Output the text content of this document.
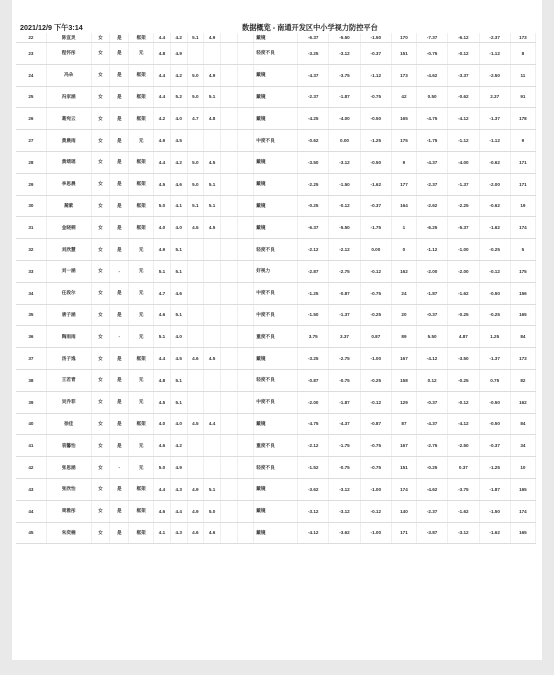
2021/12/9 下午3:14	数据概览 - 南通开发区中小学视力防控平台
22	陈宣灵	女	是	框架	4.4	4.2	5.1	4.9			戴镜	-6.37	-5.50	-1.50	170	-7.37	-6.12	-2.37	173
23	程怀彤	女	是	无	4.8	4.9					轻度不良	-3.25	-3.12	-0.37	151	-0.75	-0.12	-1.12	8
24	冯朵	女	是	框架	4.4	4.2	5.0	4.9			戴镜	-4.37	-3.75	-1.12	173	-4.62	-3.37	-2.50	11
25	冯家涵	女	是	框架	4.4	5.2	5.0	5.1			戴镜	-2.37	-1.87	-0.75	42	0.50	-0.62	2.37	91
26	葛宛云	女	是	框架	4.2	4.0	4.7	4.8			戴镜	-4.25	-4.00	-0.50	165	-4.75	-4.12	-1.37	178
27	黄晨雨	女	是	无	4.9	4.5					中度不良	-0.62	0.00	-1.25	175	-1.75	-1.12	-1.12	9
28	黄靖瑶	女	是	框架	4.4	4.2	5.0	4.5			戴镜	-3.50	-3.12	-0.50	9	-4.37	-4.00	-0.62	171
29	李思晨	女	是	框架	4.5	4.6	5.0	5.1			戴镜	-2.25	-1.50	-1.62	177	-2.37	-1.37	-2.00	171
30	蔺紫	女	是	框架	5.0	4.1	5.1	5.1			戴镜	-0.25	-0.12	-0.37	164	-2.62	-2.25	-0.62	19
31	金晓桐	女	是	框架	4.0	4.0	4.5	4.5			戴镜	-6.37	-5.50	-1.75	1	-6.25	-5.37	-1.62	174
32	刘欣慧	女	是	无	4.9	5.1					轻度不良	-2.12	-2.12	0.00	0	-1.12	-1.00	-0.25	5
33	刘一涵	女	-	无	5.1	5.1					好视力	-2.87	-2.75	-0.12	162	-2.00	-2.00	-0.12	175
34	任段尔	女	是	无	4.7	4.6					中度不良	-1.25	-0.87	-0.75	24	-1.87	-1.62	-0.50	156
35	唐子涵	女	是	无	4.6	5.1					中度不良	-1.50	-1.37	-0.25	20	-0.37	-0.25	-0.25	165
36	陶雨雨	女	-	无	5.1	4.0					重度不良	3.75	3.37	0.87	89	5.50	4.87	1.25	84
37	汤子逸	女	是	框架	4.4	4.5	4.6	4.5			戴镜	-3.25	-2.75	-1.00	167	-4.12	-3.50	-1.37	173
38	王若青	女	是	无	4.8	5.1					轻度不良	-0.87	-0.75	-0.25	158	0.12	-0.25	0.75	82
39	吴乔菲	女	是	无	4.5	5.1					中度不良	-2.00	-1.87	-0.12	129	-0.37	-0.12	-0.50	162
40	徐佳	女	是	框架	4.0	4.0	4.5	4.4			戴镜	-4.75	-4.37	-0.87	87	-4.37	-4.12	-0.50	84
41	袁馨怡	女	是	无	4.6	4.2					重度不良	-2.12	-1.75	-0.75	167	-2.75	-2.50	-0.37	34
42	张思涵	女	-	无	5.0	4.9					轻度不良	-1.52	-0.75	-0.75	151	-0.25	0.37	-1.25	10
43	张欣怡	女	是	框架	4.4	4.3	4.9	5.1			戴镜	-3.62	-3.12	-1.00	174	-4.62	-3.75	-1.87	165
44	周雅彤	女	是	框架	4.6	4.4	4.9	5.0			戴镜	-3.12	-3.12	-0.12	140	-2.37	-1.62	-1.50	174
45	朱奕楠	女	是	框架	4.1	4.3	4.6	4.6			戴镜	-4.12	-3.62	-1.00	171	-3.87	-3.12	-1.62	165
